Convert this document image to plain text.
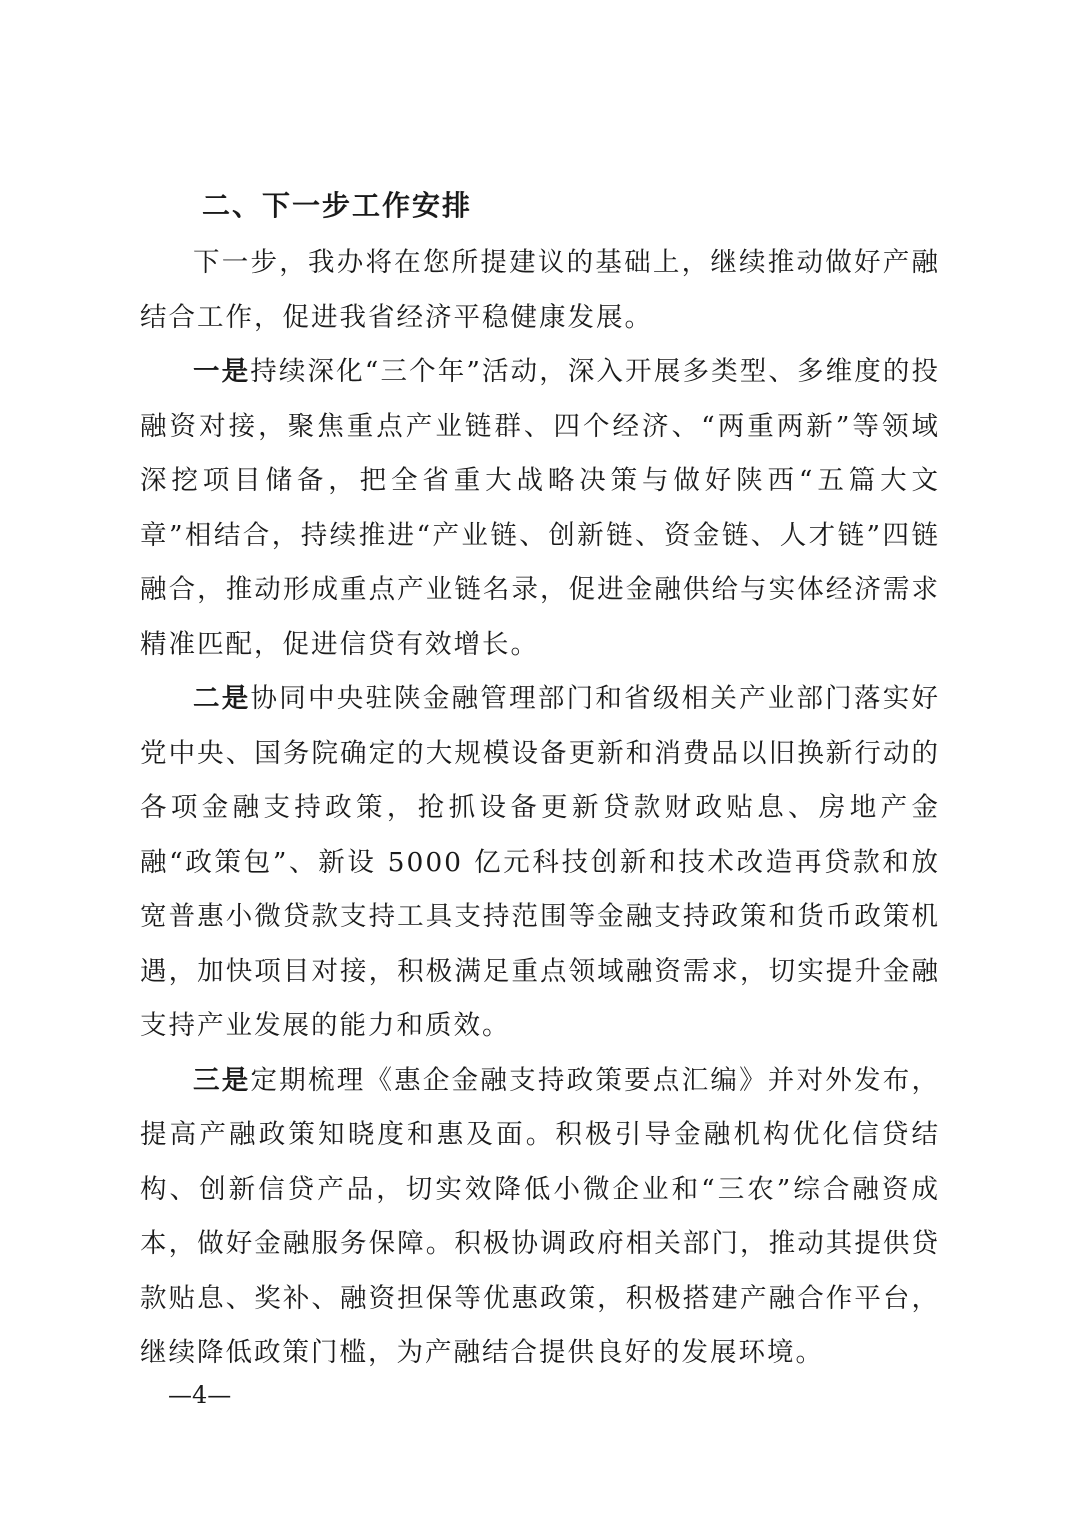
二、下一步工作安排

下一步，我办将在您所提建议的基础上，继续推动做好产融结合工作，促进我省经济平稳健康发展。

一是持续深化“三个年”活动，深入开展多类型、多维度的投融资对接，聚焦重点产业链群、四个经济、“两重两新”等领域深挖项目储备，把全省重大战略决策与做好陕西“五篇大文章”相结合，持续推进“产业链、创新链、资金链、人才链”四链融合，推动形成重点产业链名录，促进金融供给与实体经济需求精准匹配，促进信贷有效增长。

二是协同中央驻陕金融管理部门和省级相关产业部门落实好党中央、国务院确定的大规模设备更新和消费品以旧换新行动的各项金融支持政策，抢抓设备更新贷款财政贴息、房地产金融“政策包”、新设 5000 亿元科技创新和技术改造再贷款和放宽普惠小微贷款支持工具支持范围等金融支持政策和货币政策机遇，加快项目对接，积极满足重点领域融资需求，切实提升金融支持产业发展的能力和质效。

三是定期梳理《惠企金融支持政策要点汇编》并对外发布，提高产融政策知晓度和惠及面。积极引导金融机构优化信贷结构、创新信贷产品，切实效降低小微企业和“三农”综合融资成本，做好金融服务保障。积极协调政府相关部门，推动其提供贷款贴息、奖补、融资担保等优惠政策，积极搭建产融合作平台，继续降低政策门槛，为产融结合提供良好的发展环境。

—4—
